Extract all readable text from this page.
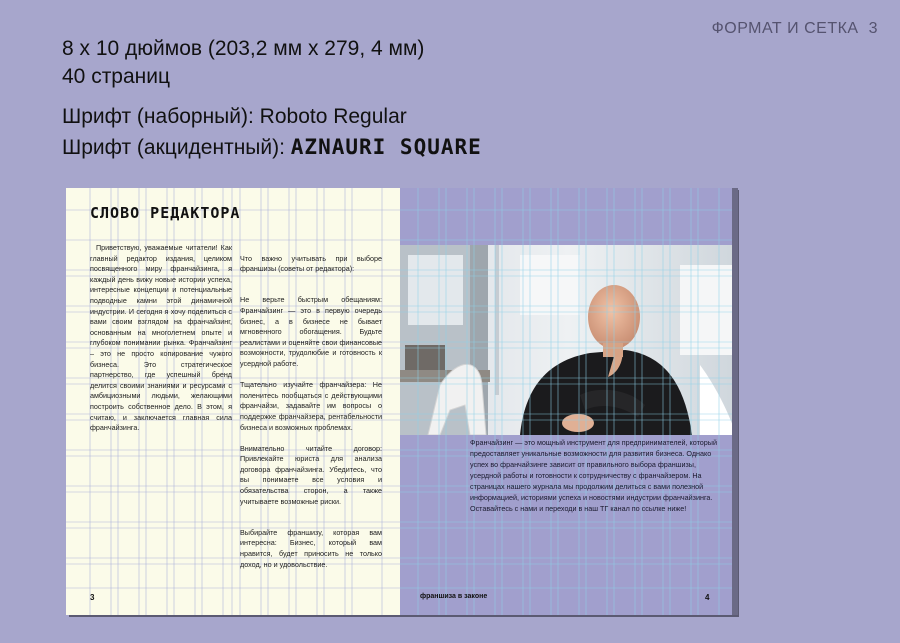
ФОРМАТ И СЕТКА 3
8 x 10 дюймов (203,2 мм x 279, 4 мм)
40 страниц
Шрифт (наборный): Roboto Regular
Шрифт (акцидентный): AZNAURI SQUARE
СЛОВО РЕДАКТОРА
Приветствую, уважаемые читатели! Как главный редактор издания, целиком посвященного миру франчайзинга, я каждый день вижу новые истории успеха, интересные концепции и потенциальные подводные камни этой динамичной индустрии. И сегодня я хочу поделиться с вами своим взглядом на франчайзинг, основанным на многолетнем опыте и глубоком понимании рынка. Франчайзинг – это не просто копирование чужого бизнеса. Это стратегическое партнерство, где успешный бренд делится своими знаниями и ресурсами с амбициозными людьми, желающими построить собственное дело. В этом, я считаю, и заключается главная сила франчайзинга.

Что важно учитывать при выборе франшизы (советы от редактора):

Не верьте быстрым обещаниям: Франчайзинг — это в первую очередь бизнес, а в бизнесе не бывает мгновенного обогащения. Будьте реалистами и оценяйте свои финансовые возможности, трудолюбие и готовность к усердной работе.

Тщательно изучайте франчайзера: Не поленитесь пообщаться с действующими франчайзи, задавайте им вопросы о поддержке франчайзера, рентабельности бизнеса и возможных проблемах.

Внимательно читайте договор: Привлекайте юриста для анализа договора франчайзинга. Убедитесь, что вы понимаете все условия и обязательства сторон, а также учитываете возможные риски.

Выбирайте франшизу, которая вам интересна: Бизнес, который вам нравится, будет приносить не только доход, но и удовольствие.

3
Франчайзинг — это мощный инструмент для предпринимателей, который предоставляет уникальные возможности для развития бизнеса. Однако успех во франчайзинге зависит от правильного выбора франшизы, усердной работы и готовности к сотрудничеству с франчайзером. На страницах нашего журнала мы продолжим делиться с вами полезной информацией, историями успеха и новостями индустрии франчайзинга. Оставайтесь с нами и переходи в наш ТГ канал по ссылке ниже!
франшиза в законе	4
